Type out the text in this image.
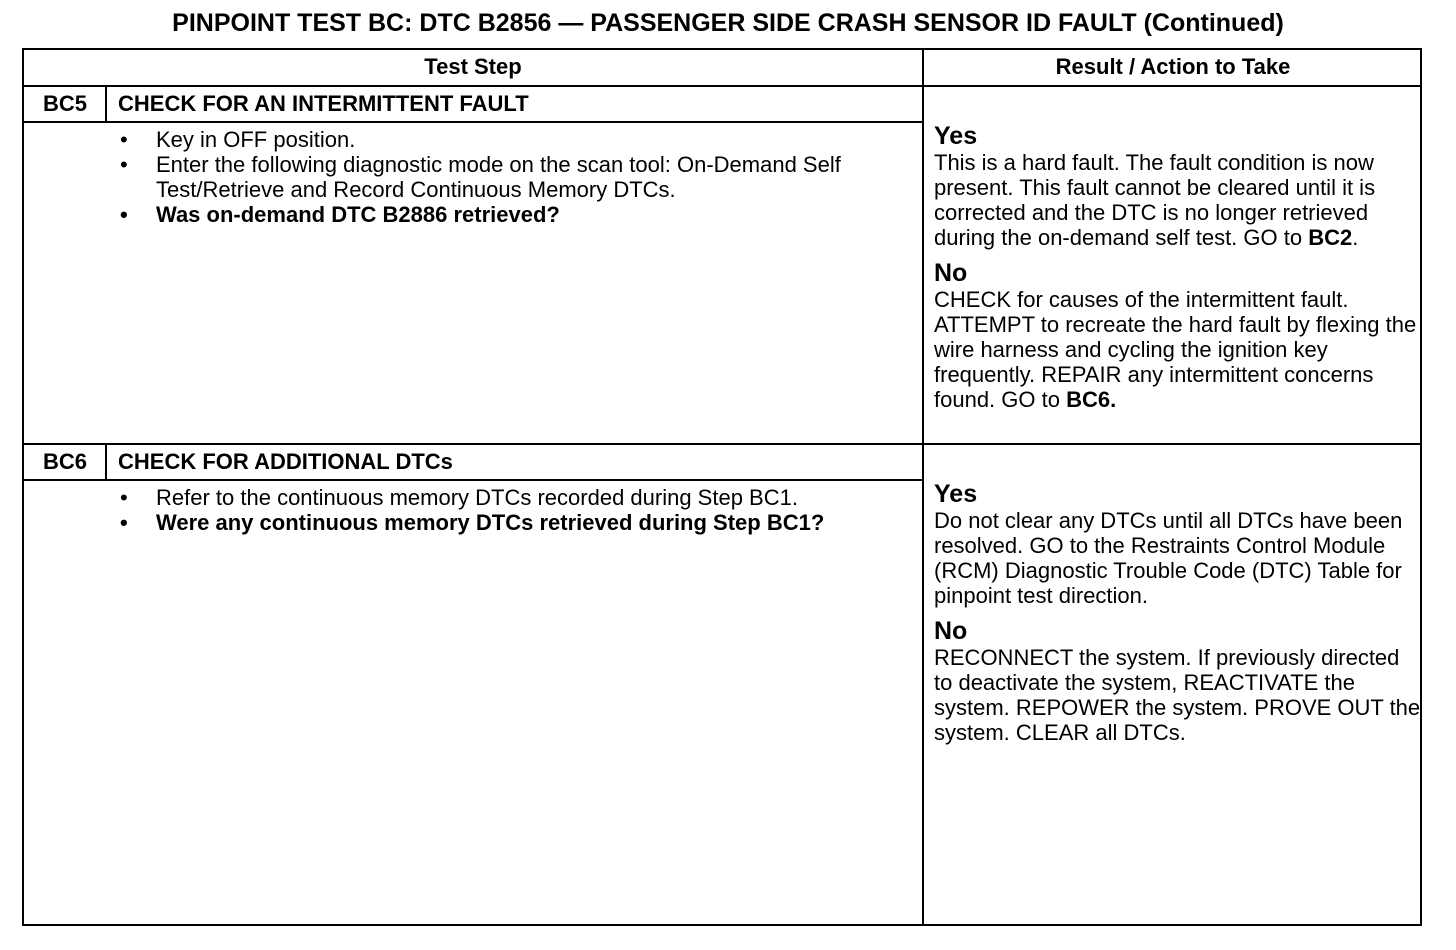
PINPOINT TEST BC: DTC B2856 — PASSENGER SIDE CRASH SENSOR ID FAULT (Continued)
Test Step	Result / Action to Take
BC5	CHECK FOR AN INTERMITTENT FAULT
• Key in OFF position.
• Enter the following diagnostic mode on the scan tool: On-Demand Self Test/Retrieve and Record Continuous Memory DTCs.
• Was on-demand DTC B2886 retrieved?
Yes
This is a hard fault. The fault condition is now present. This fault cannot be cleared until it is corrected and the DTC is no longer retrieved during the on-demand self test. GO to BC2.
No
CHECK for causes of the intermittent fault. ATTEMPT to recreate the hard fault by flexing the wire harness and cycling the ignition key frequently. REPAIR any intermittent concerns found. GO to BC6.
BC6	CHECK FOR ADDITIONAL DTCs
• Refer to the continuous memory DTCs recorded during Step BC1.
• Were any continuous memory DTCs retrieved during Step BC1?
Yes
Do not clear any DTCs until all DTCs have been resolved. GO to the Restraints Control Module (RCM) Diagnostic Trouble Code (DTC) Table for pinpoint test direction.
No
RECONNECT the system. If previously directed to deactivate the system, REACTIVATE the system. REPOWER the system. PROVE OUT the system. CLEAR all DTCs.
